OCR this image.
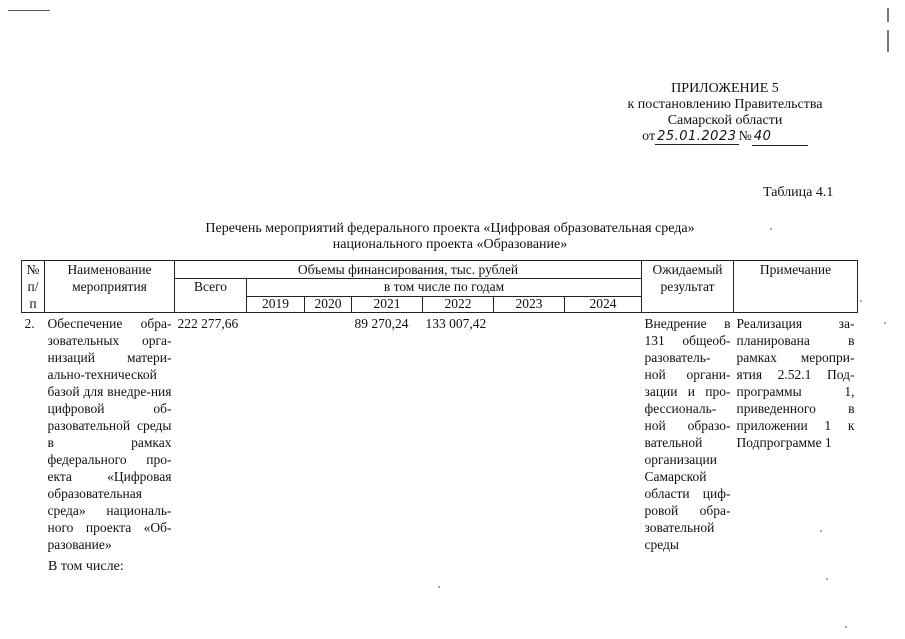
ПРИЛОЖЕНИЕ 5
к постановлению Правительства
Самарской области
от 25.01.2023 № 40
Таблица 4.1
Перечень мероприятий федерального проекта «Цифровая образовательная среда»
национального проекта «Образование»
№ п/п	Наименование мероприятия	Объемы финансирования, тыс. рублей							Ожидаемый результат	Примечание
		Всего	в том числе по годам							
			2019	2020	2021	2022	2023	2024		
2.	Обеспечение обра-зовательных орга-низаций матери-ально-технической базой для внедре-ния цифровой об-разовательной среды в рамках федерального про-екта «Цифровая образовательная среда» националь-ного проекта «Об-разование»	222 277,66			89 270,24	133 007,42			Внедрение в 131 общеоб-разователь-ной органи-зации и про-фессиональ-ной образо-вательной организации Самарской области циф-ровой обра-зовательной среды	Реализация за-планирована в рамках меропри-ятия 2.52.1 Под-программы 1, приведенного в приложении 1 к Подпрограмме 1
В том числе:
